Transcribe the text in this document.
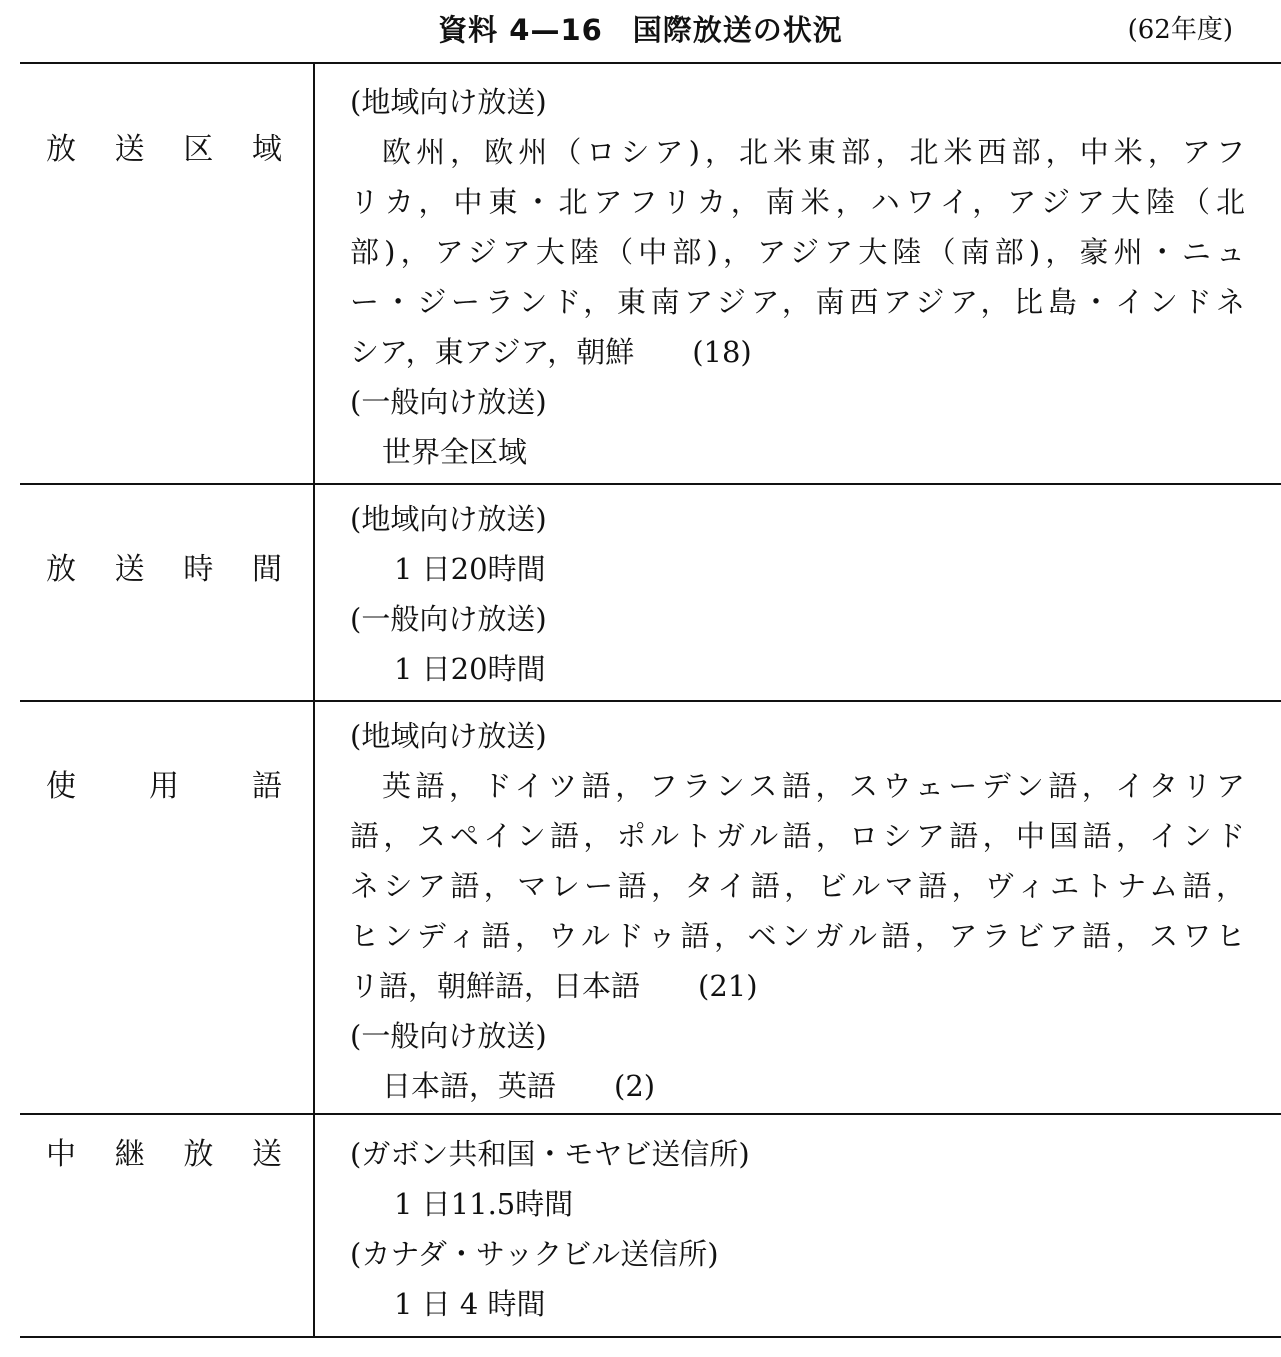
資料 4—16　国際放送の状況	(62年度)
放 送 区 域
(地域向け放送)
欧州，欧州（ロシア)，北米東部，北米西部，中米，アフ
リカ，中東・北アフリカ，南米，ハワイ，アジア大陸（北
部)，アジア大陸（中部)，アジア大陸（南部)，豪州・ニュ
ー・ジーランド，東南アジア，南西アジア，比島・インドネ
シア，東アジア，朝鮮　　(18)
(一般向け放送)
世界全区域
放 送 時 間
(地域向け放送)
1 日20時間
(一般向け放送)
1 日20時間
使 用 語
(地域向け放送)
英語，ドイツ語，フランス語，スウェーデン語，イタリア
語，スペイン語，ポルトガル語，ロシア語，中国語，インド
ネシア語，マレー語，タイ語，ビルマ語，ヴィエトナム語，
ヒンディ語，ウルドゥ語，ベンガル語，アラビア語，スワヒ
リ語，朝鮮語，日本語　　(21)
(一般向け放送)
日本語，英語　　(2)
中 継 放 送 (ガボン共和国・モヤビ送信所)
1 日11.5時間
(カナダ・サックビル送信所)
1 日 4 時間
